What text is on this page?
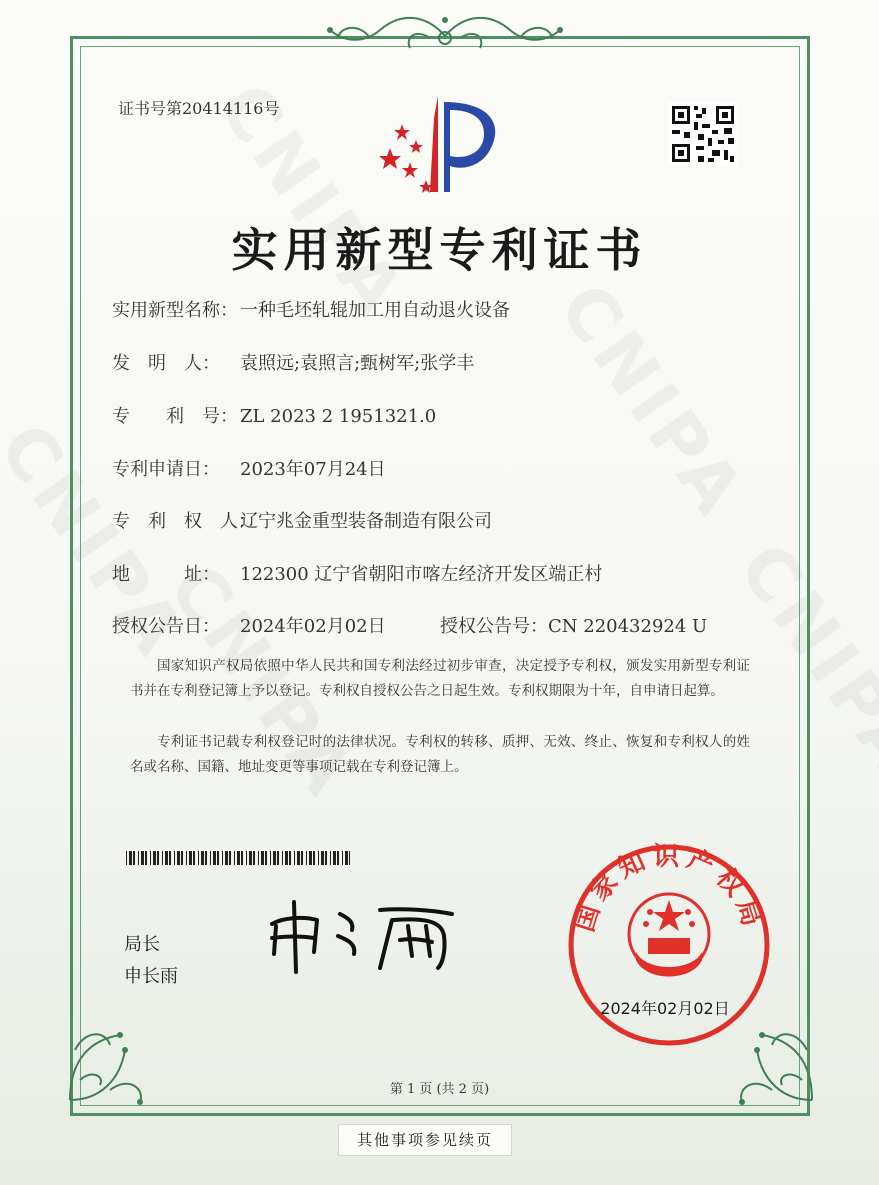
证书号第20414116号
实用新型专利证书
实用新型名称： 一种毛坯轧辊加工用自动退火设备
发　明　人： 袁照远;袁照言;甄树军;张学丰
专　　利　号： ZL 2023 2 1951321.0
专利申请日： 2023年07月24日
专　利　权　人：辽宁兆金重型装备制造有限公司
地　　　址： 122300 辽宁省朝阳市喀左经济开发区端正村
授权公告日： 2024年02月02日	授权公告号：CN 220432924 U
国家知识产权局依照中华人民共和国专利法经过初步审查，决定授予专利权，颁发实用新型专利证书并在专利登记簿上予以登记。专利权自授权公告之日起生效。专利权期限为十年，自申请日起算。
专利证书记载专利权登记时的法律状况。专利权的转移、质押、无效、终止、恢复和专利权人的姓名或名称、国籍、地址变更等事项记载在专利登记簿上。
局长
申长雨
国家知识产权局
2024年02月02日
第 1 页 (共 2 页)
其他事项参见续页
